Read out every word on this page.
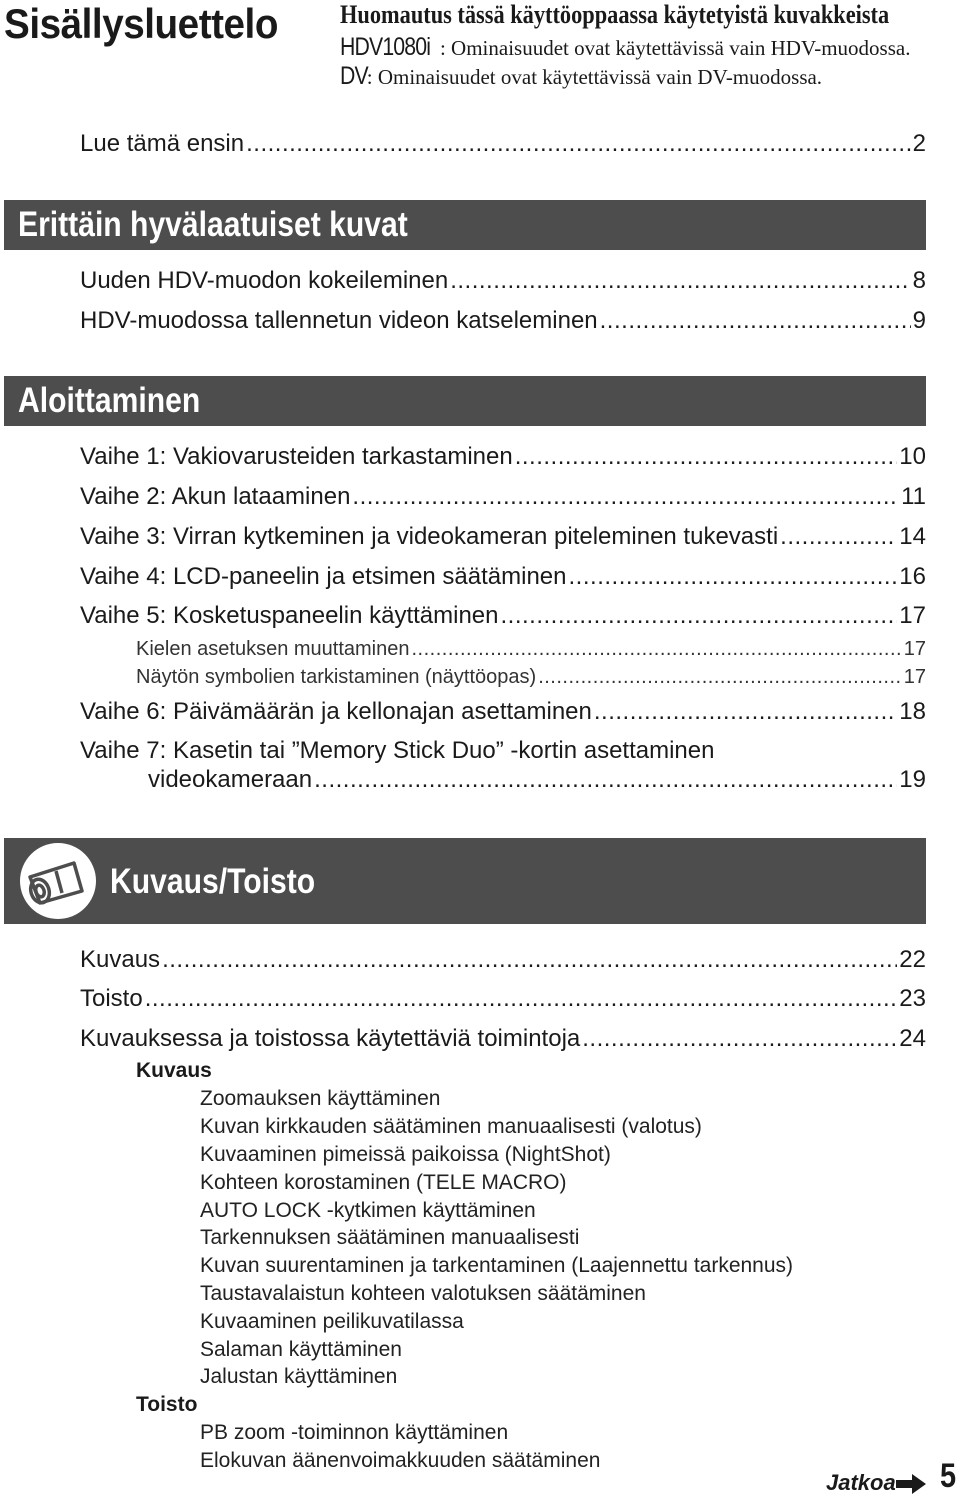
Sisällysluettelo Huomautus tässä käyttöoppaassa käytetyistä kuvakkeista
HDV1080i : Ominaisuudet ovat käytettävissä vain HDV-muodossa.
DV: Ominaisuudet ovat käytettävissä vain DV-muodossa.
Lue tämä ensin .....	2
Erittäin hyvälaatuiset kuvat
Uuden HDV-muodon kokeileminen .....	8
HDV-muodossa tallennetun videon katseleminen .....	9
Aloittaminen
Vaihe 1: Vakiovarusteiden tarkastaminen .....	10
Vaihe 2: Akun lataaminen .....	11
Vaihe 3: Virran kytkeminen ja videokameran piteleminen tukevasti .....	14
Vaihe 4: LCD-paneelin ja etsimen säätäminen .....	16
Vaihe 5: Kosketuspaneelin käyttäminen .....	17
Kielen asetuksen muuttaminen .....	17
Näytön symbolien tarkistaminen (näyttöopas) .....	17
Vaihe 6: Päivämäärän ja kellonajan asettaminen .....	18
Vaihe 7: Kasetin tai ”Memory Stick Duo” -kortin asettaminen
videokameraan .....	19
Kuvaus/Toisto
Kuvaus .....	22
Toisto .....	23
Kuvauksessa ja toistossa käytettäviä toimintoja .....	24
Kuvaus
Zoomauksen käyttäminen
Kuvan kirkkauden säätäminen manuaalisesti (valotus)
Kuvaaminen pimeissä paikoissa (NightShot)
Kohteen korostaminen (TELE MACRO)
AUTO LOCK -kytkimen käyttäminen
Tarkennuksen säätäminen manuaalisesti
Kuvan suurentaminen ja tarkentaminen (Laajennettu tarkennus)
Taustavalaistun kohteen valotuksen säätäminen
Kuvaaminen peilikuvatilassa
Salaman käyttäminen
Jalustan käyttäminen
Toisto
PB zoom -toiminnon käyttäminen
Elokuvan äänenvoimakkuuden säätäminen
Jatkoa 5
